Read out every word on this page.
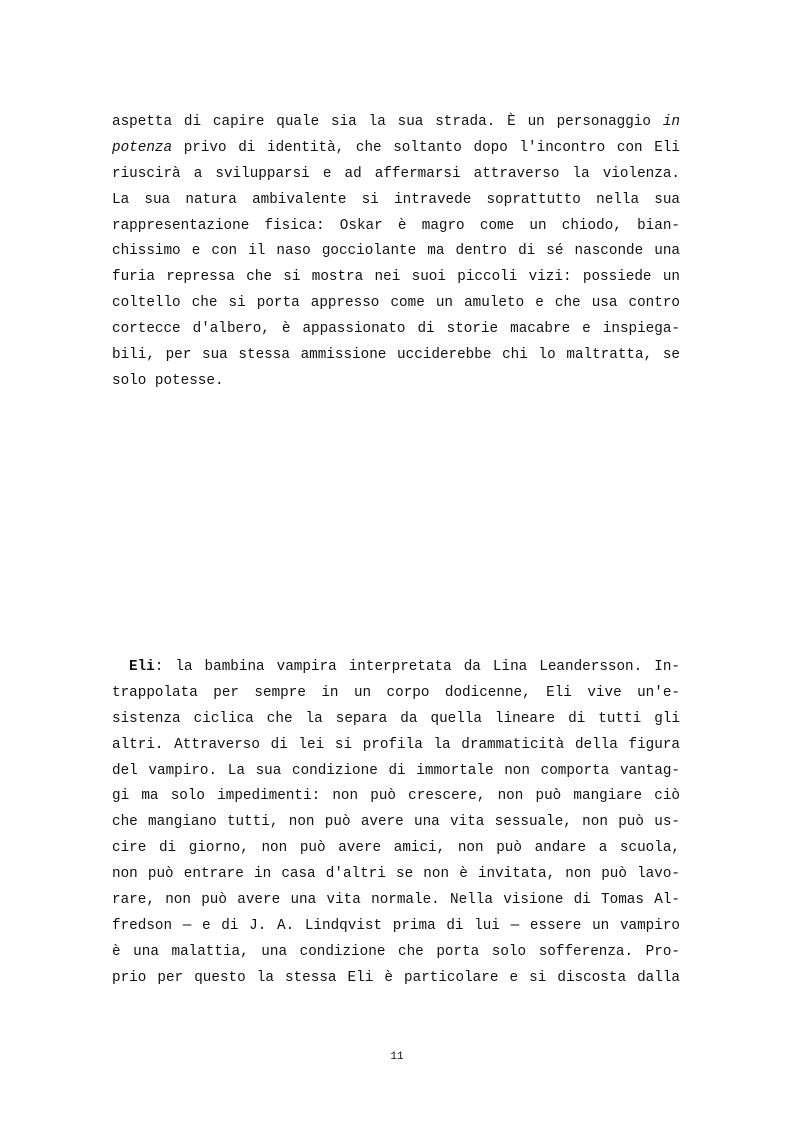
aspetta di capire quale sia la sua strada. È un personaggio in
potenza privo di identità, che soltanto dopo l'incontro con Eli
riuscirà a svilupparsi e ad affermarsi attraverso la violenza.
La sua natura ambivalente si intravede soprattutto nella sua
rappresentazione fisica: Oskar è magro come un chiodo, bian-
chissimo e con il naso gocciolante ma dentro di sé nasconde una
furia repressa che si mostra nei suoi piccoli vizi: possiede un
coltello che si porta appresso come un amuleto e che usa contro
cortecce d'albero, è appassionato di storie macabre e inspiega-
bili, per sua stessa ammissione ucciderebbe chi lo maltratta, se
solo potesse.
Eli: la bambina vampira interpretata da Lina Leandersson. In-
trappolata per sempre in un corpo dodicenne, Eli vive un'e-
sistenza ciclica che la separa da quella lineare di tutti gli
altri. Attraverso di lei si profila la drammaticità della figura
del vampiro. La sua condizione di immortale non comporta vantag-
gi ma solo impedimenti: non può crescere, non può mangiare ciò
che mangiano tutti, non può avere una vita sessuale, non può us-
cire di giorno, non può avere amici, non può andare a scuola,
non può entrare in casa d'altri se non è invitata, non può lavo-
rare, non può avere una vita normale. Nella visione di Tomas Al-
fredson — e di J. A. Lindqvist prima di lui — essere un vampiro
è una malattia, una condizione che porta solo sofferenza. Pro-
prio per questo la stessa Eli è particolare e si discosta dalla
11
